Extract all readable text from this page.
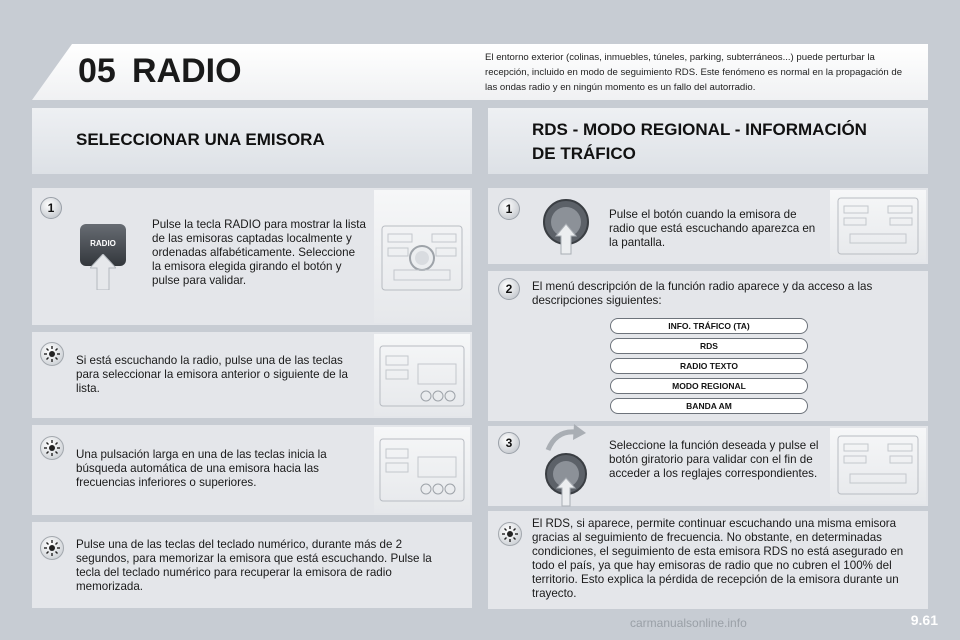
05 RADIO	El entorno exterior (colinas, inmuebles, túneles, parking, subterráneos...) puede perturbar la recepción, incluido en modo de seguimiento RDS. Este fenómeno es normal en la propagación de las ondas radio y en ningún momento es un fallo del autorradio.
SELECCIONAR UNA EMISORA
1
RADIO
Pulse la tecla RADIO para mostrar la lista de las emisoras captadas localmente y ordenadas alfabéticamente. Seleccione la emisora elegida girando el botón y pulse para validar.
Si está escuchando la radio, pulse una de las teclas para seleccionar la emisora anterior o siguiente de la lista.
Una pulsación larga en una de las teclas inicia la búsqueda automática de una emisora hacia las frecuencias inferiores o superiores.
Pulse una de las teclas del teclado numérico, durante más de 2 segundos, para memorizar la emisora que está escuchando. Pulse la tecla del teclado numérico para recuperar la emisora de radio memorizada.
RDS - MODO REGIONAL - INFORMACIÓN
DE TRÁFICO
1	Pulse el botón cuando la emisora de radio que está escuchando aparezca en la pantalla.
2	El menú descripción de la función radio aparece y da acceso a las descripciones siguientes:
INFO. TRÁFICO (TA)
RDS
RADIO TEXTO
MODO REGIONAL
BANDA AM
3	Seleccione la función deseada y pulse el botón giratorio para validar con el fin de acceder a los reglajes correspondientes.
El RDS, si aparece, permite continuar escuchando una misma emisora gracias al seguimiento de frecuencia. No obstante, en determinadas condiciones, el seguimiento de esta emisora RDS no está asegurado en todo el país, ya que hay emisoras de radio que no cubren el 100% del territorio. Esto explica la pérdida de recepción de la emisora durante un trayecto.
carmanualsonline.info	9.61
